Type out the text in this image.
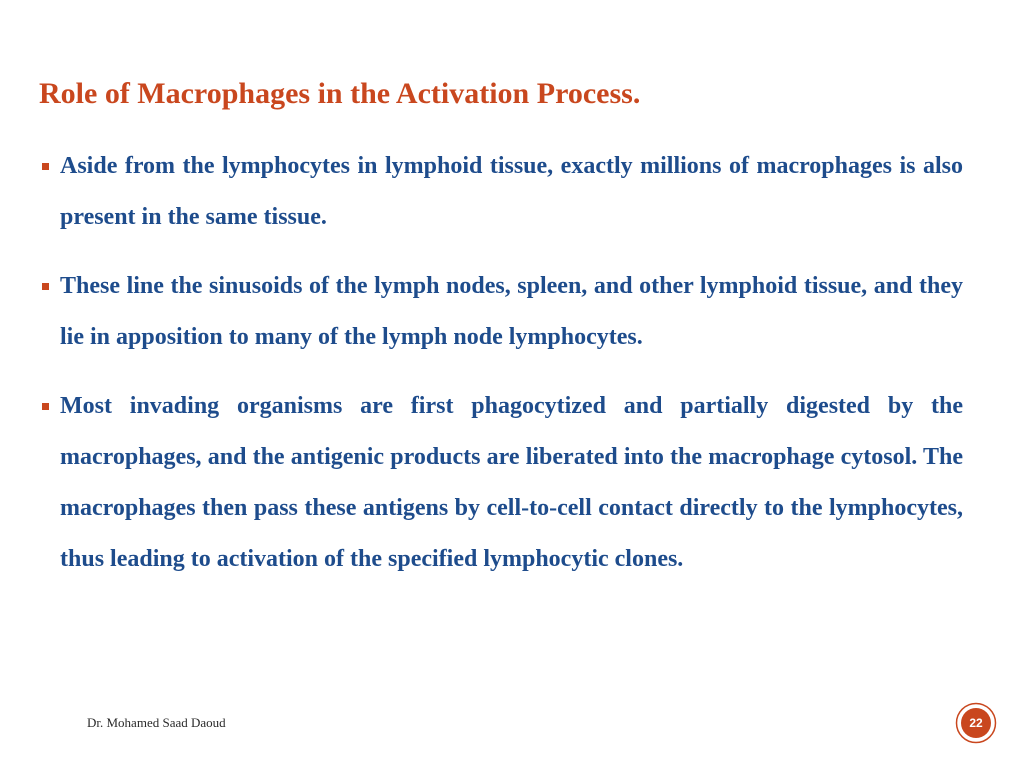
Role of Macrophages in the Activation Process.
Aside from the lymphocytes in lymphoid tissue, exactly millions of macrophages is also present in the same tissue.
These line the sinusoids of the lymph nodes, spleen, and other lymphoid tissue, and they lie in apposition to many of the lymph node lymphocytes.
Most invading organisms are first phagocytized and partially digested by the macrophages, and the antigenic products are liberated into the macrophage cytosol. The macrophages then pass these antigens by cell-to-cell contact directly to the lymphocytes, thus leading to activation of the specified lymphocytic clones.
Dr. Mohamed Saad Daoud	22
